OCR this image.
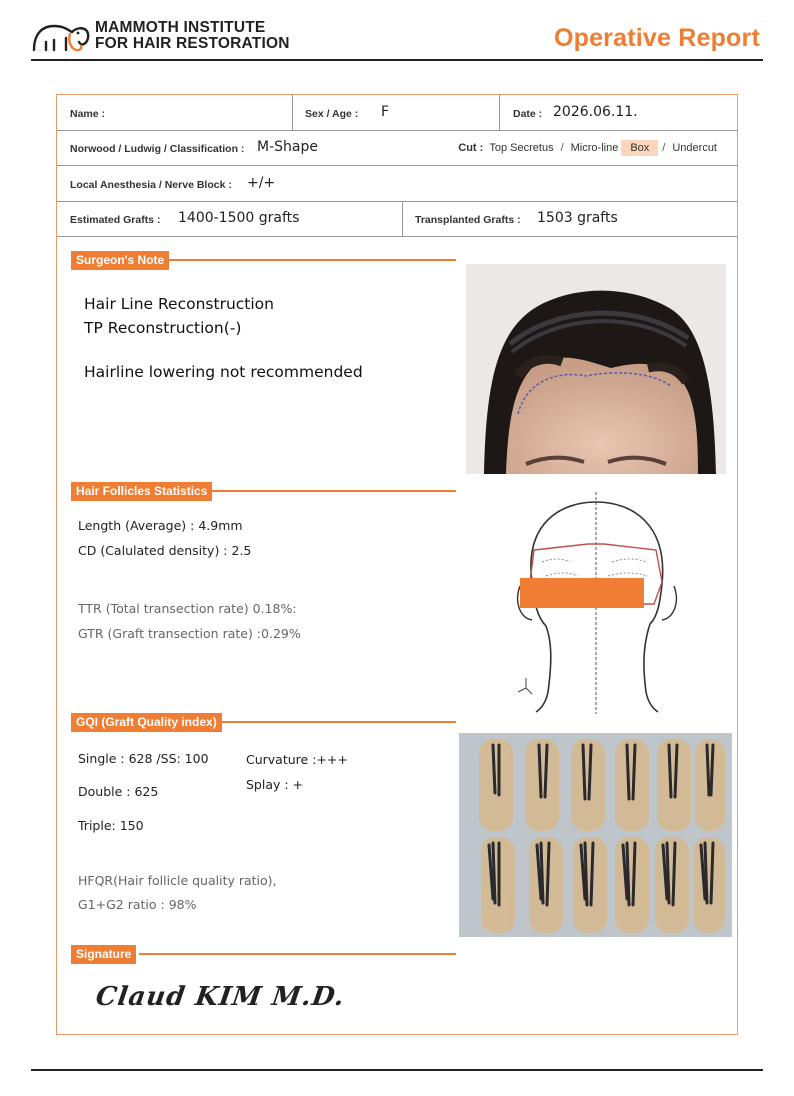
MAMMOTH INSTITUTE
FOR HAIR RESTORATION	Operative Report
Name :	Sex / Age : F	Date : 2026.06.11.
Norwood / Ludwig / Classification : M-Shape	Cut : Top Secretus / Micro-line Box / Undercut
Local Anesthesia / Nerve Block : +/+
Estimated Grafts : 1400-1500 grafts	Transplanted Grafts : 1503 grafts
Surgeon's Note
Hair Line Reconstruction
TP Reconstruction(-)
Hairline lowering not recommended
Hair Follicles Statistics
Length (Average) : 4.9mm
CD (Calulated density) : 2.5
TTR (Total transection rate) 0.18%:
GTR (Graft transection rate) :0.29%
GQI (Graft Quality index)
Single : 628 /SS: 100
Double : 625
Triple: 150
Curvature :+++
Splay : +
HFQR(Hair follicle quality ratio),
G1+G2 ratio : 98%
Signature
Claud KIM M.D.
